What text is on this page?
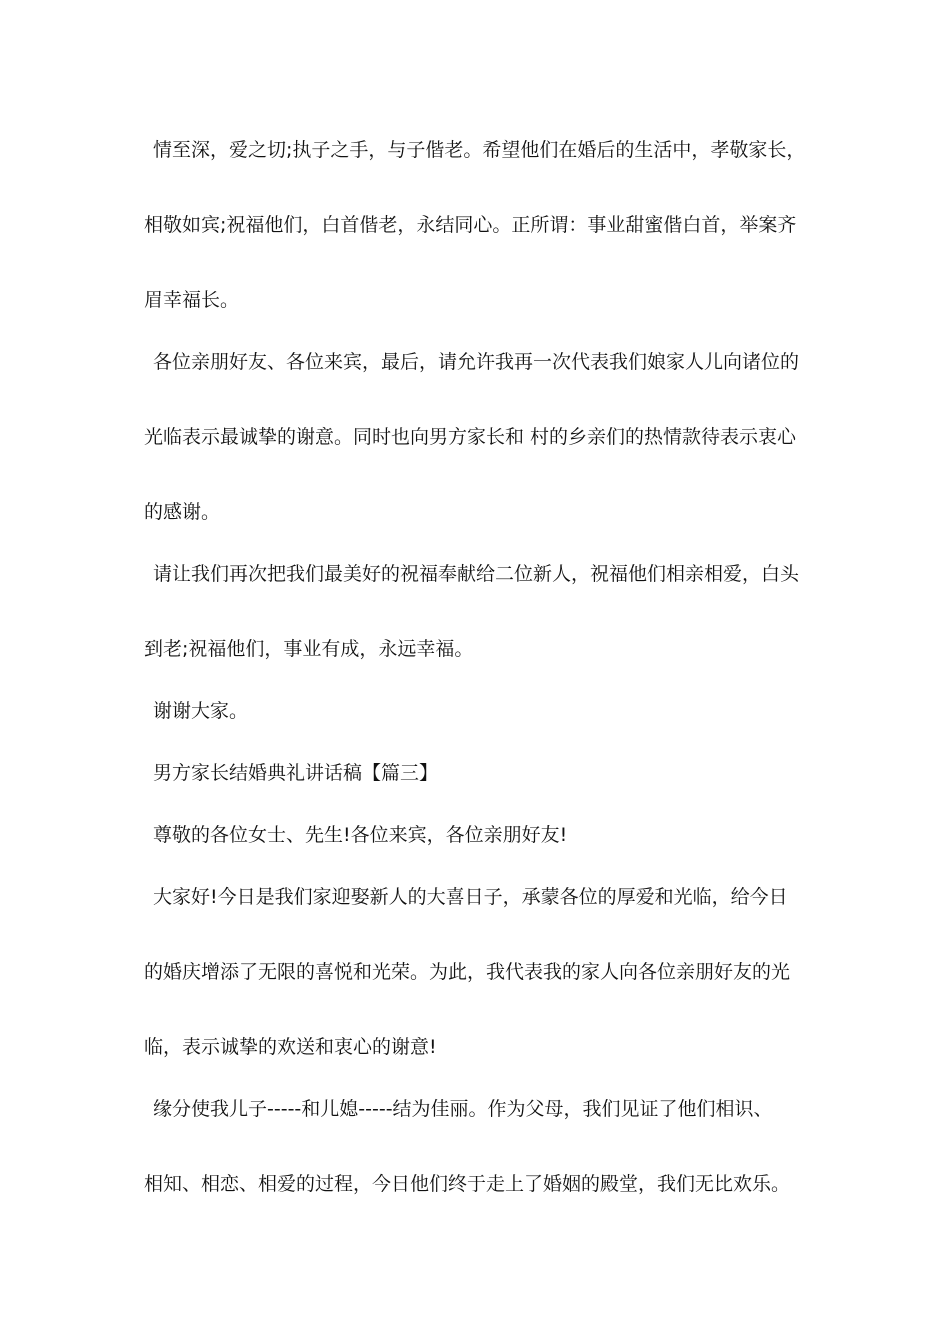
情至深，爱之切;执子之手，与子偕老。希望他们在婚后的生活中，孝敬家长，
相敬如宾;祝福他们，白首偕老，永结同心。正所谓：事业甜蜜偕白首，举案齐
眉幸福长。
各位亲朋好友、各位来宾，最后，请允许我再一次代表我们娘家人儿向诸位的
光临表示最诚挚的谢意。同时也向男方家长和 村的乡亲们的热情款待表示衷心
的感谢。
请让我们再次把我们最美好的祝福奉献给二位新人，祝福他们相亲相爱，白头
到老;祝福他们，事业有成，永远幸福。
谢谢大家。
男方家长结婚典礼讲话稿【篇三】
尊敬的各位女士、先生!各位来宾，各位亲朋好友!
大家好!今日是我们家迎娶新人的大喜日子，承蒙各位的厚爱和光临，给今日
的婚庆增添了无限的喜悦和光荣。为此，我代表我的家人向各位亲朋好友的光
临，表示诚挚的欢送和衷心的谢意!
缘分使我儿子-----和儿媳-----结为佳丽。作为父母，我们见证了他们相识、
相知、相恋、相爱的过程，今日他们终于走上了婚姻的殿堂，我们无比欢乐。
